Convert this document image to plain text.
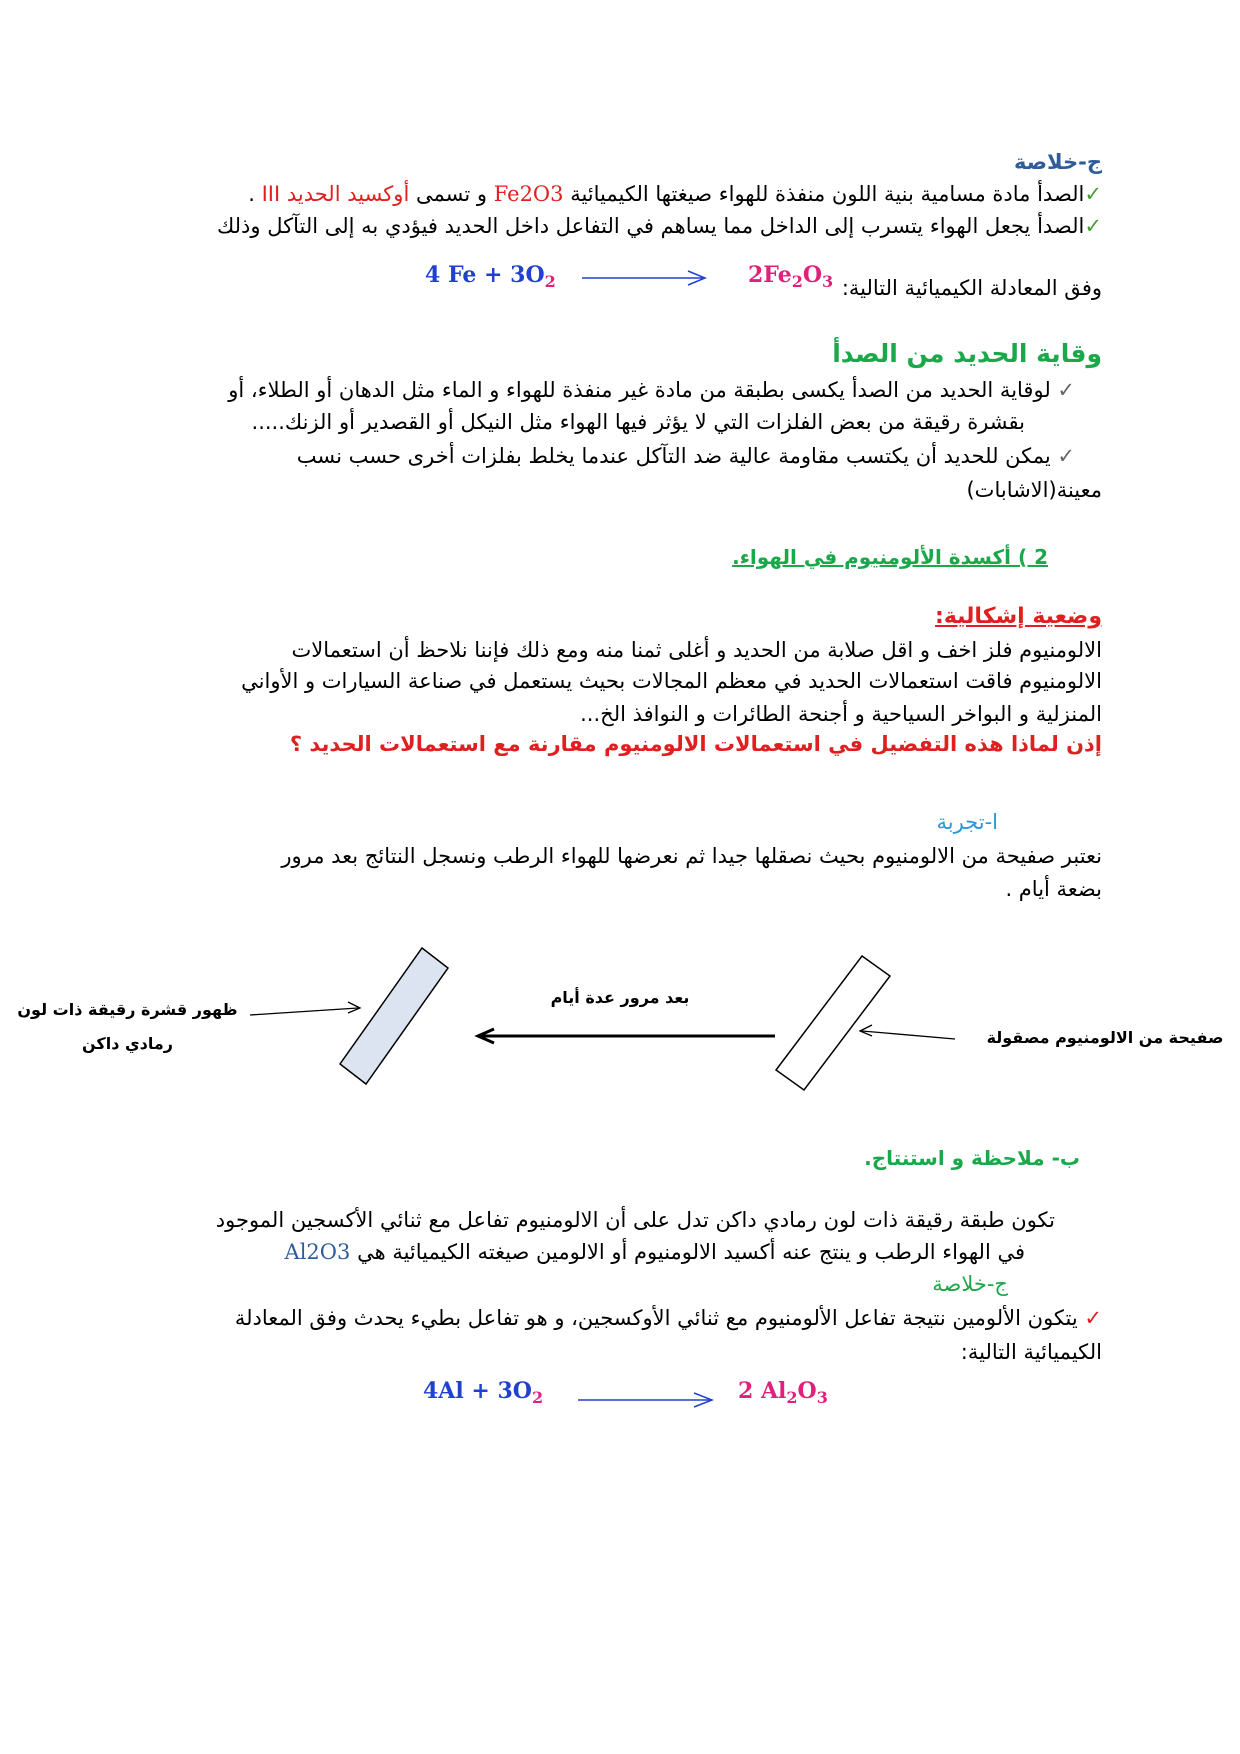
ج-خلاصة
✓الصدأ مادة مسامية بنية اللون منفذة للهواء صيغتها الكيميائية Fe2O3 و تسمى أوكسيد الحديد III .
✓الصدأ يجعل الهواء يتسرب إلى الداخل مما يساهم في التفاعل داخل الحديد فيؤدي به إلى التآكل وذلك
وفق المعادلة الكيميائية التالية:
4 $Fe + 3O_2$	$2Fe_2O_3$
وقاية الحديد من الصدأ
✓ لوقاية الحديد من الصدأ يكسى بطبقة من مادة غير منفذة للهواء و الماء مثل الدهان أو الطلاء، أو
بقشرة رقيقة من بعض الفلزات التي لا يؤثر فيها الهواء مثل النيكل أو القصدير أو الزنك.....
✓ يمكن للحديد أن يكتسب مقاومة عالية ضد التآكل عندما يخلط بفلزات أخرى حسب نسب
معينة(الاشابات)
2 ) أكسدة الألومنيوم في الهواء.
وضعية إشكالية:
الالومنيوم فلز اخف و اقل صلابة من الحديد و أغلى ثمنا منه ومع ذلك فإننا نلاحظ أن استعمالات
الالومنيوم فاقت استعمالات الحديد في معظم المجالات بحيث يستعمل في صناعة السيارات و الأواني
المنزلية و البواخر السياحية و أجنحة الطائرات و النوافذ الخ...
إذن لماذا هذه التفضيل في استعمالات الالومنيوم مقارنة مع استعمالات الحديد ؟
ا-تجربة
نعتبر صفيحة من الالومنيوم بحيث نصقلها جيدا ثم نعرضها للهواء الرطب ونسجل النتائج بعد مرور
بضعة أيام .
صفيحة من الالومنيوم مصقولة
بعد مرور عدة أيام
ظهور قشرة رقيقة ذات لون
رمادي داكن
ب- ملاحظة و استنتاج.
تكون طبقة رقيقة ذات لون رمادي داكن تدل على أن الالومنيوم تفاعل مع ثنائي الأكسجين الموجود
في الهواء الرطب و ينتج عنه أكسيد الالومنيوم أو الالومين صيغته الكيميائية هي Al2O3
ج-خلاصة
✓ يتكون الألومين نتيجة تفاعل الألومنيوم مع ثنائي الأوكسجين، و هو تفاعل بطيء يحدث وفق المعادلة
الكيميائية التالية:
$4Al + 3O_2$	2 $Al_2O_3$
